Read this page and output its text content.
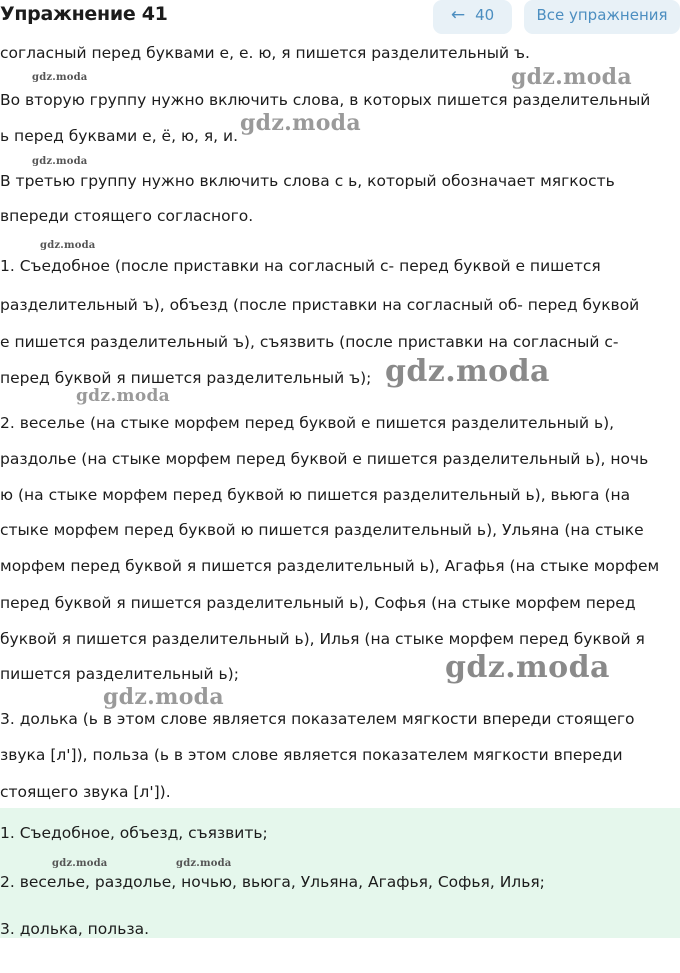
Упражнение 41	← 40	Все упражнения
согласный перед буквами е, е. ю, я пишется разделительный ъ.
Во вторую группу нужно включить слова, в которых пишется разделительный
ь перед буквами е, ё, ю, я, и.
В третью группу нужно включить слова с ь, который обозначает мягкость
впереди стоящего согласного.
1. Съедобное (после приставки на согласный с- перед буквой е пишется
разделительный ъ), объезд (после приставки на согласный об- перед буквой
е пишется разделительный ъ), съязвить (после приставки на согласный с-
перед буквой я пишется разделительный ъ);
2. веселье (на стыке морфем перед буквой е пишется разделительный ь),
раздолье (на стыке морфем перед буквой е пишется разделительный ь), ночь
ю (на стыке морфем перед буквой ю пишется разделительный ь), вьюга (на
стыке морфем перед буквой ю пишется разделительный ь), Ульяна (на стыке
морфем перед буквой я пишется разделительный ь), Агафья (на стыке морфем
перед буквой я пишется разделительный ь), Софья (на стыке морфем перед
буквой я пишется разделительный ь), Илья (на стыке морфем перед буквой я
пишется разделительный ь);
3. долька (ь в этом слове является показателем мягкости впереди стоящего
звука [л']), польза (ь в этом слове является показателем мягкости впереди
стоящего звука [л']).
1. Съедобное, объезд, съязвить;
2. веселье, раздолье, ночью, вьюга, Ульяна, Агафья, Софья, Илья;
3. долька, польза.
gdz.moda	gdz.moda
gdz.moda
gdz.moda
gdz.moda
gdz.moda
gdz.moda
gdz.moda
gdz.moda
gdz.moda	gdz.moda
